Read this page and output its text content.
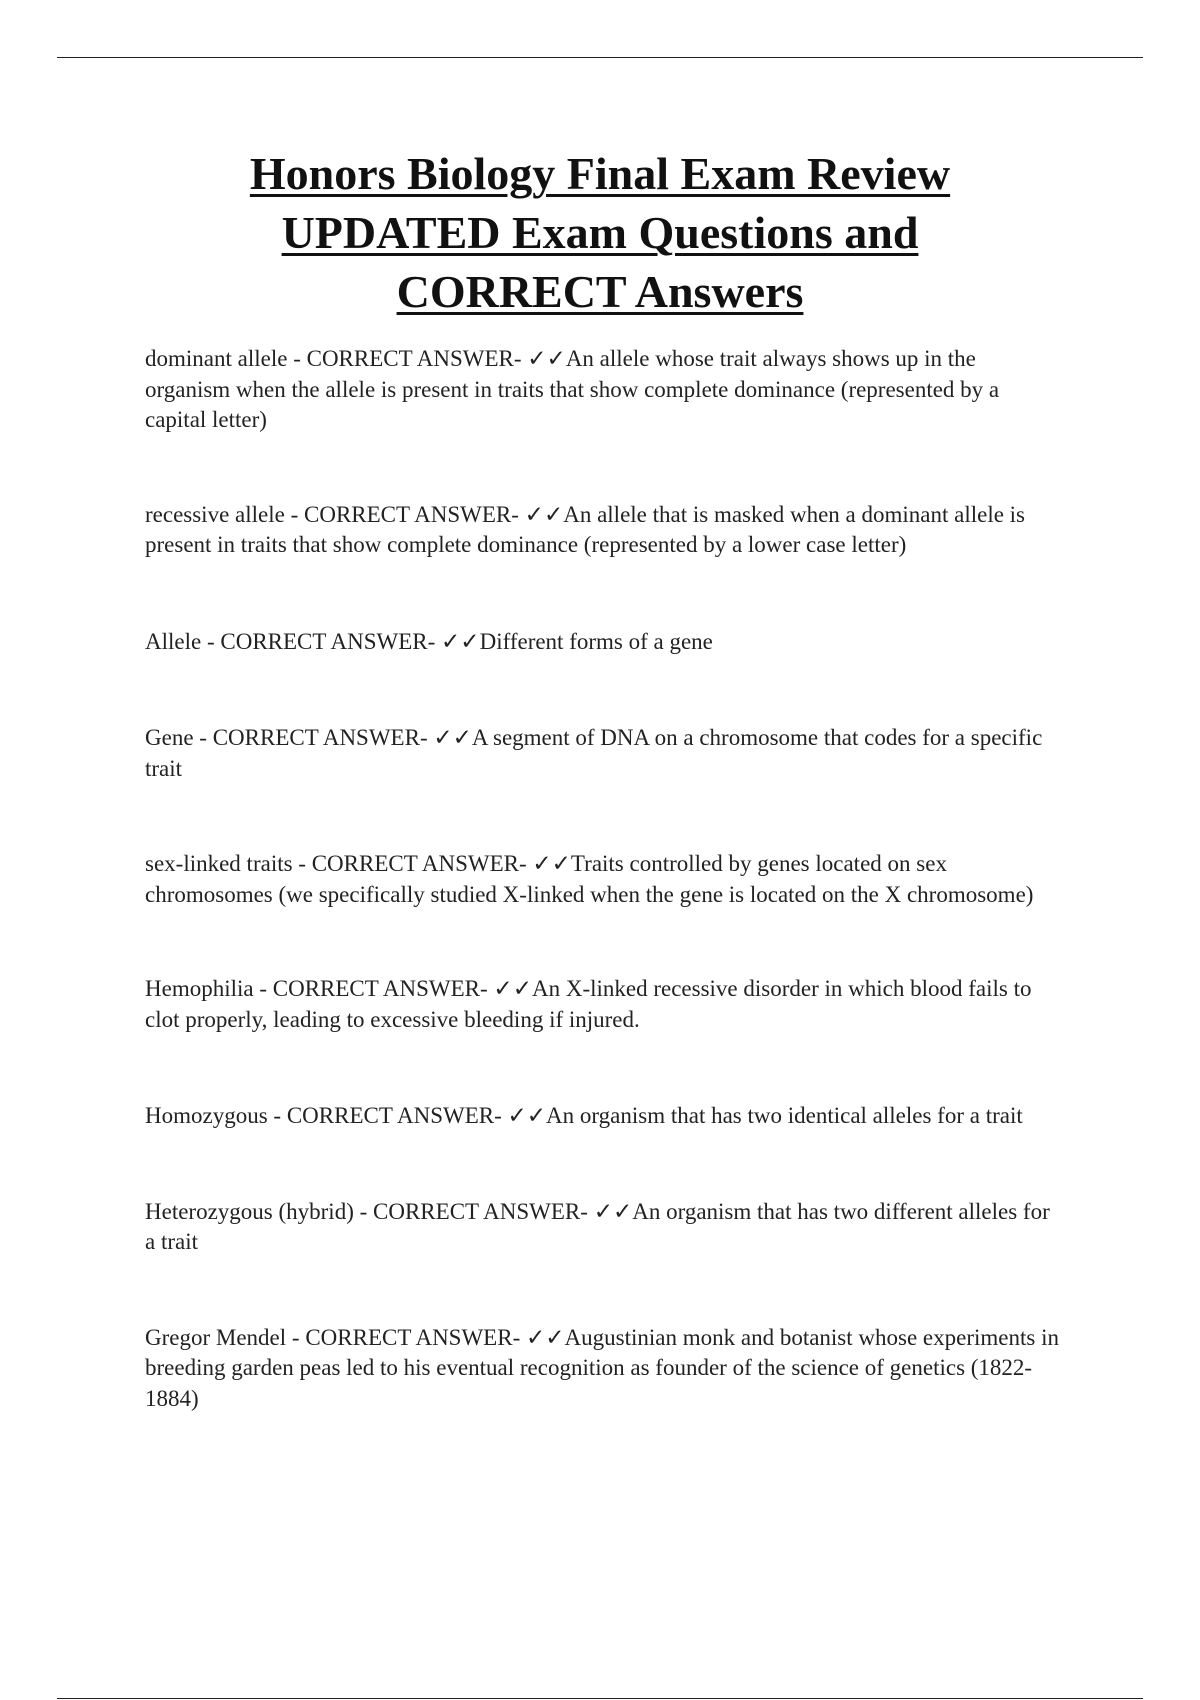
Honors Biology Final Exam Review
UPDATED Exam Questions and
CORRECT Answers

dominant allele - CORRECT ANSWER- ✓✓An allele whose trait always shows up in the organism when the allele is present in traits that show complete dominance (represented by a capital letter)

recessive allele - CORRECT ANSWER- ✓✓An allele that is masked when a dominant allele is present in traits that show complete dominance (represented by a lower case letter)

Allele - CORRECT ANSWER- ✓✓Different forms of a gene

Gene - CORRECT ANSWER- ✓✓A segment of DNA on a chromosome that codes for a specific trait

sex-linked traits - CORRECT ANSWER- ✓✓Traits controlled by genes located on sex chromosomes (we specifically studied X-linked when the gene is located on the X chromosome)

Hemophilia - CORRECT ANSWER- ✓✓An X-linked recessive disorder in which blood fails to clot properly, leading to excessive bleeding if injured.

Homozygous - CORRECT ANSWER- ✓✓An organism that has two identical alleles for a trait

Heterozygous (hybrid) - CORRECT ANSWER- ✓✓An organism that has two different alleles for a trait

Gregor Mendel - CORRECT ANSWER- ✓✓Augustinian monk and botanist whose experiments in breeding garden peas led to his eventual recognition as founder of the science of genetics (1822-1884)
